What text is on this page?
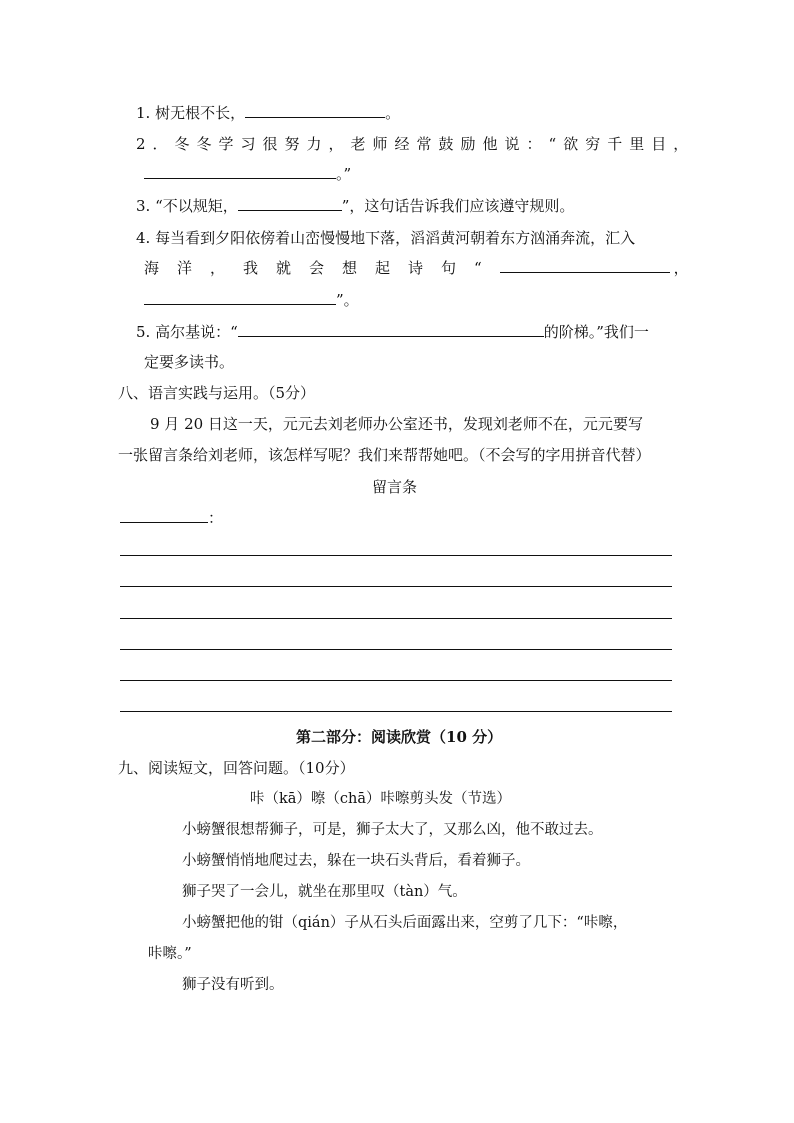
1. 树无根不长，	。
2．冬冬学习很努力，老师经常鼓励他说：“欲穷千里目，
。”
3. “不以规矩，	”，这句话告诉我们应该遵守规则。
4. 每当看到夕阳依傍着山峦慢慢地下落，滔滔黄河朝着东方汹涌奔流，汇入
海洋，我就会想起诗句“	，
”。
5. 高尔基说：“	的阶梯。”我们一
定要多读书。
八、语言实践与运用。（5分）
9 月 20 日这一天，元元去刘老师办公室还书，发现刘老师不在，元元要写
一张留言条给刘老师，该怎样写呢？我们来帮帮她吧。（不会写的字用拼音代替）
留言条
：
第二部分：阅读欣赏（10 分）
九、阅读短文，回答问题。（10分）
咔（kā）嚓（chā）咔嚓剪头发（节选）
小螃蟹很想帮狮子，可是，狮子太大了，又那么凶，他不敢过去。
小螃蟹悄悄地爬过去，躲在一块石头背后，看着狮子。
狮子哭了一会儿，就坐在那里叹（tàn）气。
小螃蟹把他的钳（qián）子从石头后面露出来，空剪了几下：“咔嚓，
咔嚓。”
狮子没有听到。
